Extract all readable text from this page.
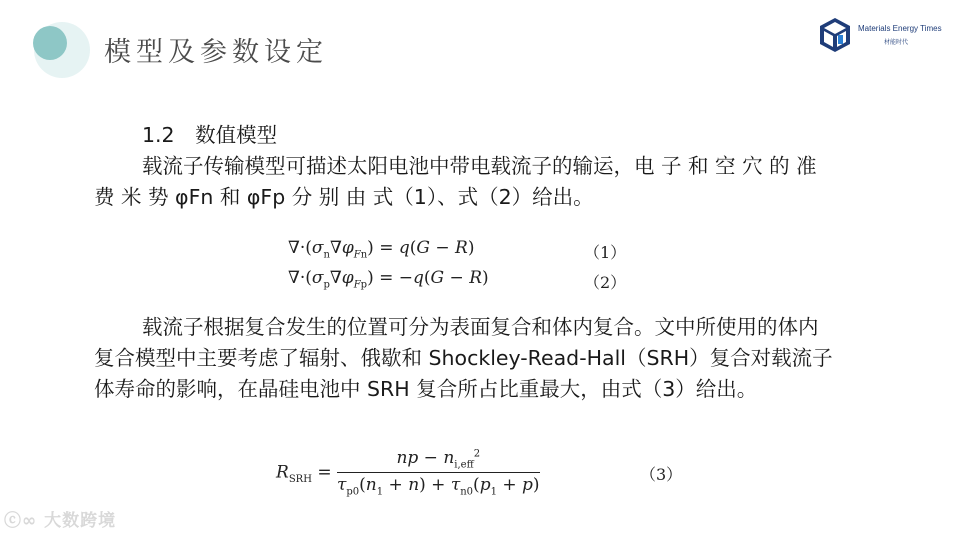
模型及参数设定
Materials Energy Times
材能时代

1.2　数值模型

载流子传输模型可描述太阳电池中带电载流子的输运，电 子 和 空 穴 的 准 费 米 势 φFn 和 φFp 分 别 由 式（1）、式（2）给出。

$\nabla\cdot(\sigma_n\nabla\varphi_{Fn}) = q(G - R)$	（1）
$\nabla\cdot(\sigma_p\nabla\varphi_{Fp}) = -q(G - R)$	（2）

载流子根据复合发生的位置可分为表面复合和体内复合。文中所使用的体内复合模型中主要考虑了辐射、俄歇和 Shockley-Read-Hall（SRH）复合对载流子体寿命的影响，在晶硅电池中 SRH 复合所占比重最大，由式（3）给出。

$R_{SRH} = \frac{np - n_{i,eff}^2}{\tau_{p0}(n_1 + n) + \tau_{n0}(p_1 + p)}$	（3）
ⓒ∞ 大数跨境
